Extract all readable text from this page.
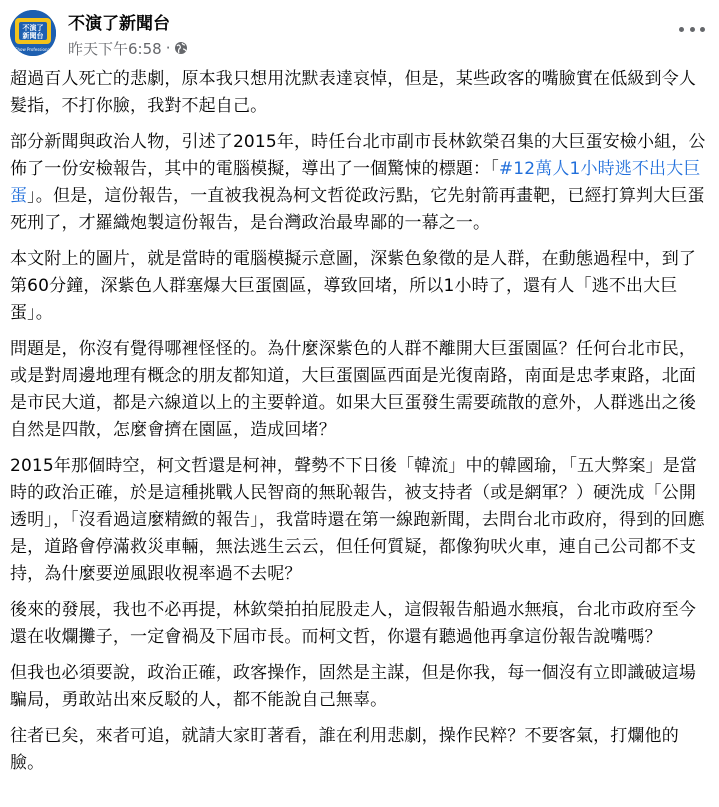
不演了
新聞台
Show Professional
不演了新聞台
昨天下午6:58 ·

超過百人死亡的悲劇，原本我只想用沈默表達哀悼，但是，某些政客的嘴臉實在低級到令人髮指，不打你臉，我對不起自己。

部分新聞與政治人物，引述了2015年，時任台北市副市長林欽榮召集的大巨蛋安檢小組，公佈了一份安檢報告，其中的電腦模擬，導出了一個驚悚的標題：「#12萬人1小時逃不出大巨蛋」。但是，這份報告，一直被我視為柯文哲從政污點，它先射箭再畫靶，已經打算判大巨蛋死刑了，才羅織炮製這份報告，是台灣政治最卑鄙的一幕之一。

本文附上的圖片，就是當時的電腦模擬示意圖，深紫色象徵的是人群，在動態過程中，到了第60分鐘，深紫色人群塞爆大巨蛋園區，導致回堵，所以1小時了，還有人「逃不出大巨蛋」。

問題是，你沒有覺得哪裡怪怪的。為什麼深紫色的人群不離開大巨蛋園區？任何台北市民，或是對周邊地理有概念的朋友都知道，大巨蛋園區西面是光復南路，南面是忠孝東路，北面是市民大道，都是六線道以上的主要幹道。如果大巨蛋發生需要疏散的意外，人群逃出之後自然是四散，怎麼會擠在園區，造成回堵？

2015年那個時空，柯文哲還是柯神，聲勢不下日後「韓流」中的韓國瑜，「五大弊案」是當時的政治正確，於是這種挑戰人民智商的無恥報告，被支持者（或是網軍？）硬洗成「公開透明」，「沒看過這麼精緻的報告」，我當時還在第一線跑新聞，去問台北市政府，得到的回應是，道路會停滿救災車輛，無法逃生云云，但任何質疑，都像狗吠火車，連自己公司都不支持，為什麼要逆風跟收視率過不去呢？

後來的發展，我也不必再提，林欽榮拍拍屁股走人，這假報告船過水無痕，台北市政府至今還在收爛攤子，一定會禍及下屆市長。而柯文哲，你還有聽過他再拿這份報告說嘴嗎？

但我也必須要說，政治正確，政客操作，固然是主謀，但是你我，每一個沒有立即識破這場騙局，勇敢站出來反駁的人，都不能說自己無辜。

往者已矣，來者可追，就請大家盯著看，誰在利用悲劇，操作民粹？不要客氣，打爛他的臉。
